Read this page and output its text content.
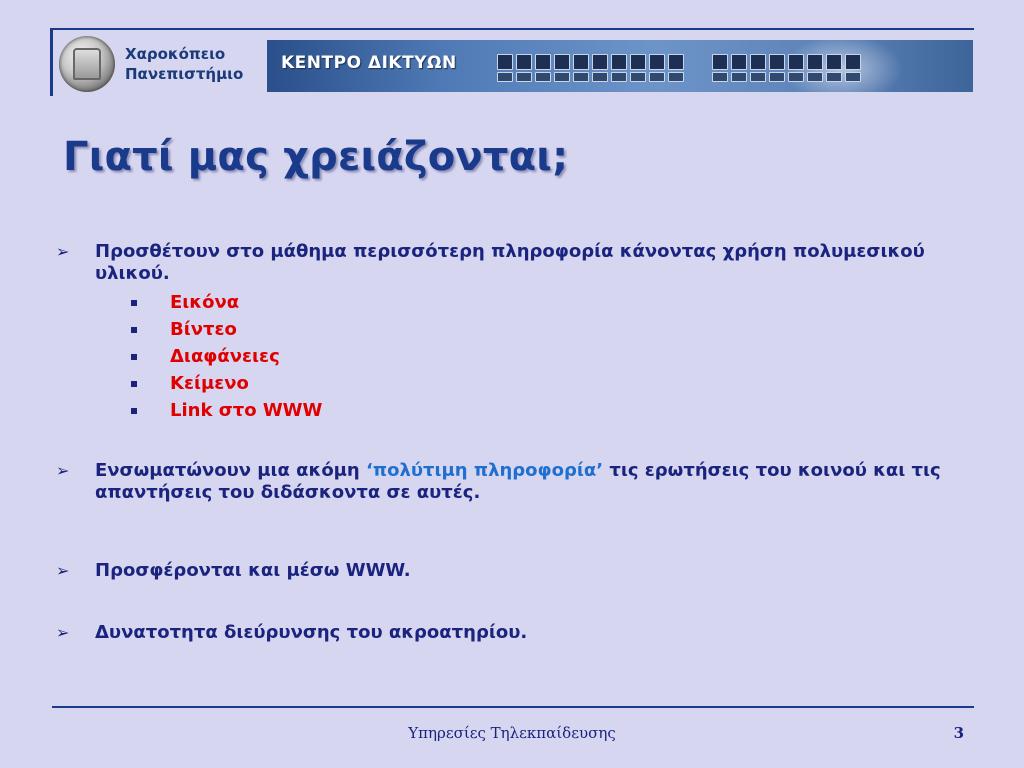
Χαροκόπειο
Πανεπιστήμιο
ΚΕΝΤΡΟ ΔΙΚΤΥΩΝ
Γιατί μας χρειάζονται;
➢	Προσθέτουν στο μάθημα περισσότερη πληροφορία κάνοντας χρήση πολυμεσικού υλικού.
Εικόνα
Βίντεο
Διαφάνειες
Κείμενο
Link στο WWW
➢	Ενσωματώνουν μια ακόμη ‘πολύτιμη πληροφορία’ τις ερωτήσεις του κοινού και τις απαντήσεις του διδάσκοντα σε αυτές.
➢	Προσφέρονται και μέσω WWW.
➢	Δυνατοτητα διεύρυνσης του ακροατηρίου.
Υπηρεσίες Τηλεκπαίδευσης	3
